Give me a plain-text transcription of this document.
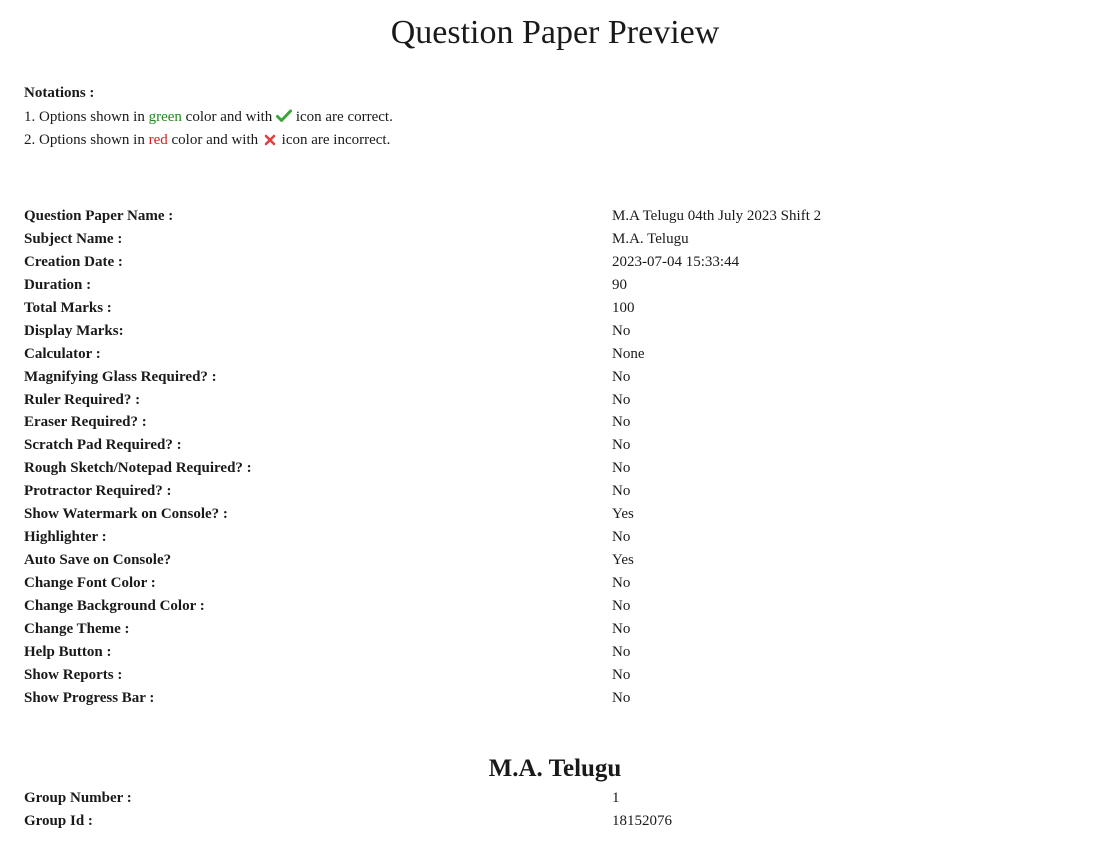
Question Paper Preview
Notations :
1. Options shown in green color and with icon are correct.
2. Options shown in red color and with icon are incorrect.
Question Paper Name :	M.A Telugu 04th July 2023 Shift 2
Subject Name :	M.A. Telugu
Creation Date :	2023-07-04 15:33:44
Duration :	90
Total Marks :	100
Display Marks:	No
Calculator :	None
Magnifying Glass Required? :	No
Ruler Required? :	No
Eraser Required? :	No
Scratch Pad Required? :	No
Rough Sketch/Notepad Required? :	No
Protractor Required? :	No
Show Watermark on Console? :	Yes
Highlighter :	No
Auto Save on Console?	Yes
Change Font Color :	No
Change Background Color :	No
Change Theme :	No
Help Button :	No
Show Reports :	No
Show Progress Bar :	No
M.A. Telugu
Group Number :	1
Group Id :	18152076
